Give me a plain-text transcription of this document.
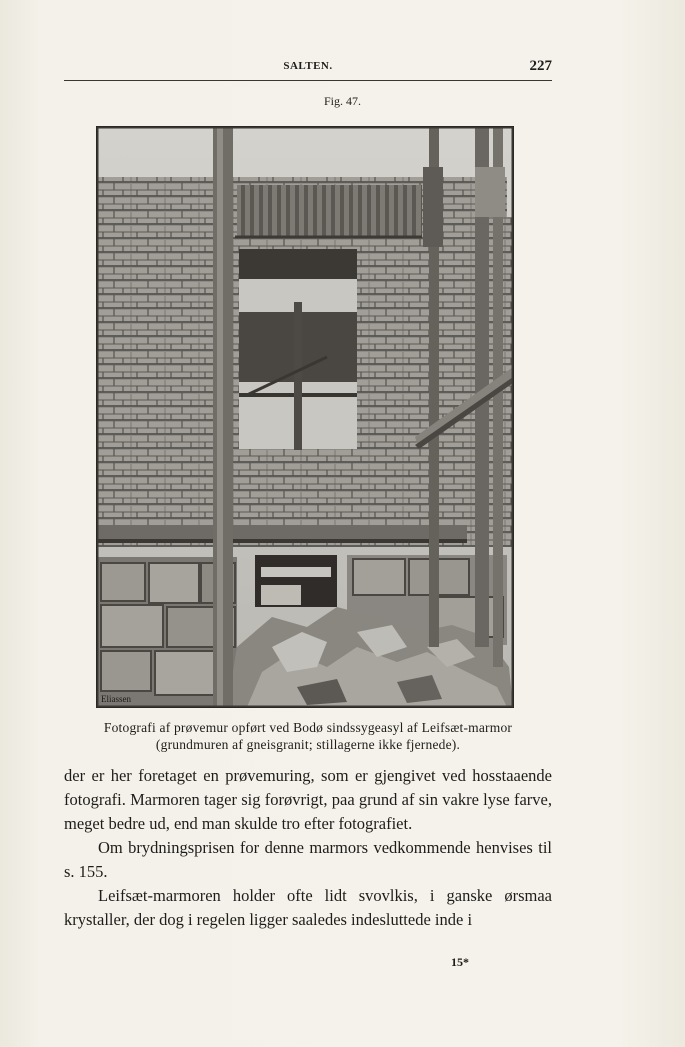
SALTEN.	227
Fig. 47.
Eliassen
Fotografi af prøvemur opført ved Bodø sindssygeasyl af Leifsæt-marmor
(grundmuren af gneisgranit; stillagerne ikke fjernede).

der er her foretaget en prøvemuring, som er gjengivet ved hosstaaende fotografi. Marmoren tager sig forøvrigt, paa grund af sin vakre lyse farve, meget bedre ud, end man skulde tro efter fotografiet.

Om brydningsprisen for denne marmors vedkommende henvises til s. 155.

Leifsæt-marmoren holder ofte lidt svovlkis, i ganske ørsmaa krystaller, der dog i regelen ligger saaledes indesluttede inde i

15*
